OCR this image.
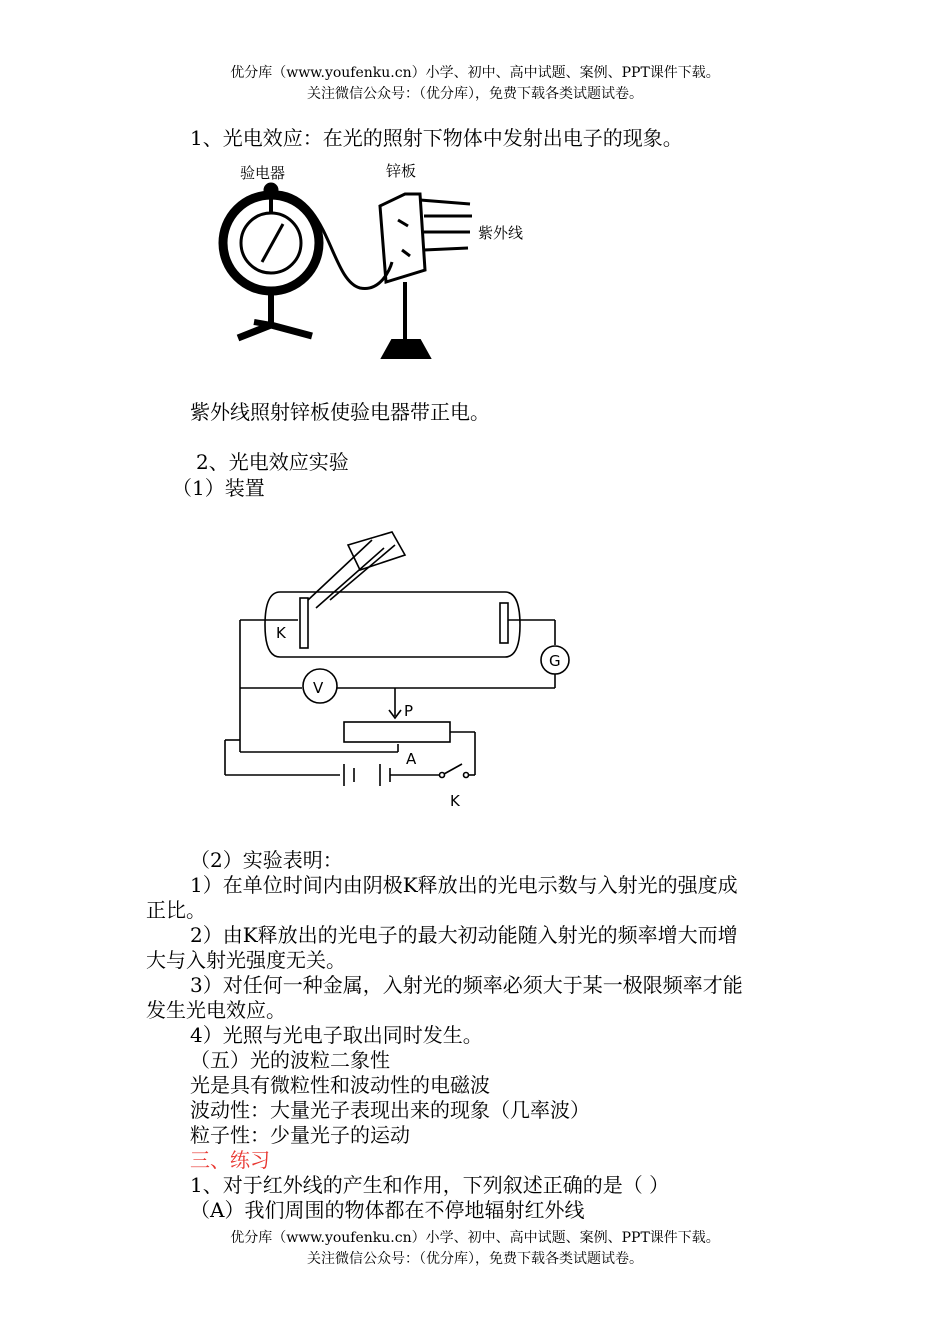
优分库（www.youfenku.cn）小学、初中、高中试题、案例、PPT课件下载。
关注微信公众号：（优分库），免费下载各类试题试卷。
1、光电效应：在光的照射下物体中发射出电子的现象。
验电器	锌板
紫外线
紫外线照射锌板使验电器带正电。
2、光电效应实验
（1）装置
K
G
V
P
A
K
（2）实验表明：
1）在单位时间内由阴极K释放出的光电示数与入射光的强度成
正比。
2）由K释放出的光电子的最大初动能随入射光的频率增大而增
大与入射光强度无关。
3）对任何一种金属，入射光的频率必须大于某一极限频率才能
发生光电效应。
4）光照与光电子取出同时发生。
（五）光的波粒二象性
光是具有微粒性和波动性的电磁波
波动性：大量光子表现出来的现象（几率波）
粒子性：少量光子的运动
三、练习
1、对于红外线的产生和作用，下列叙述正确的是（ ）
（A）我们周围的物体都在不停地辐射红外线
优分库（www.youfenku.cn）小学、初中、高中试题、案例、PPT课件下载。
关注微信公众号：（优分库），免费下载各类试题试卷。
